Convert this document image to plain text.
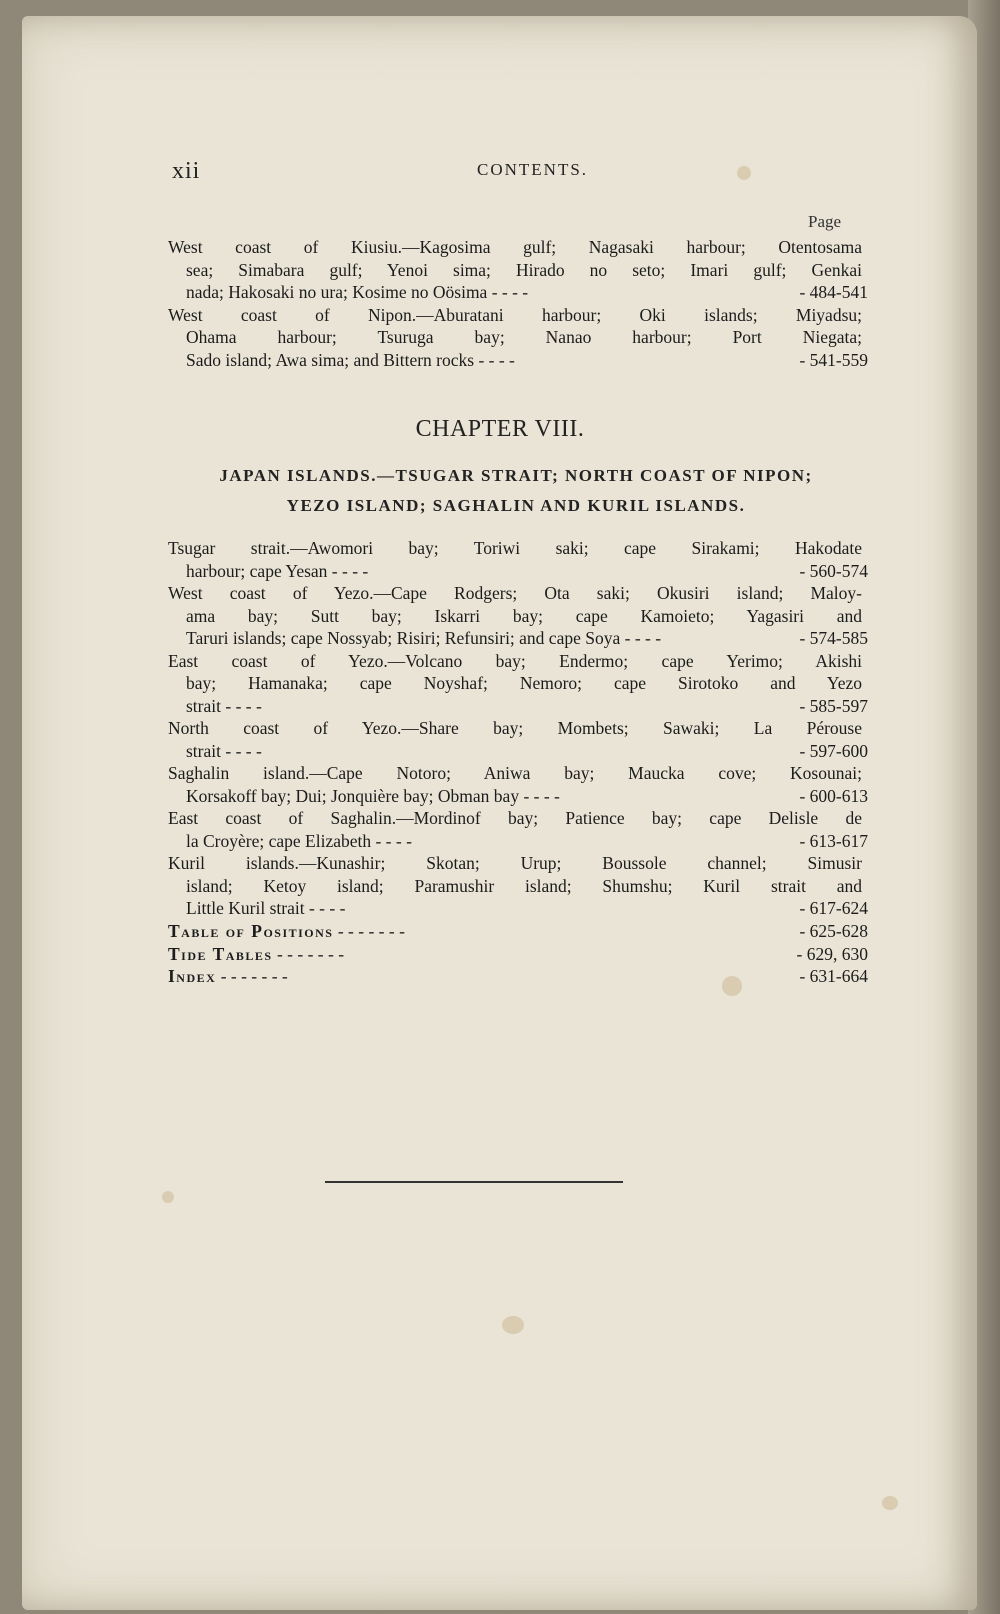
xii	CONTENTS.
Page
West coast of Kiusiu.—Kagosima gulf; Nagasaki harbour; Otentosama
sea; Simabara gulf; Yenoi sima; Hirado no seto; Imari gulf; Genkai
nada; Hakosaki no ura; Kosime no Oösima - - - -	- 484-541
West coast of Nipon.—Aburatani harbour; Oki islands; Miyadsu;
Ohama harbour; Tsuruga bay; Nanao harbour; Port Niegata;
Sado island; Awa sima; and Bittern rocks - - - -	- 541-559
CHAPTER VIII.
JAPAN ISLANDS.—TSUGAR STRAIT; NORTH COAST OF NIPON;
YEZO ISLAND; SAGHALIN AND KURIL ISLANDS.
Tsugar strait.—Awomori bay; Toriwi saki; cape Sirakami; Hakodate
harbour; cape Yesan - - - -	- 560-574
West coast of Yezo.—Cape Rodgers; Ota saki; Okusiri island; Maloy-
ama bay; Sutt bay; Iskarri bay; cape Kamoieto; Yagasiri and
Taruri islands; cape Nossyab; Risiri; Refunsiri; and cape Soya - - - -	- 574-585
East coast of Yezo.—Volcano bay; Endermo; cape Yerimo; Akishi
bay; Hamanaka; cape Noyshaf; Nemoro; cape Sirotoko and Yezo
strait - - - -	- 585-597
North coast of Yezo.—Share bay; Mombets; Sawaki; La Pérouse
strait - - - -	- 597-600
Saghalin island.—Cape Notoro; Aniwa bay; Maucka cove; Kosounai;
Korsakoff bay; Dui; Jonquière bay; Obman bay - - - -	- 600-613
East coast of Saghalin.—Mordinof bay; Patience bay; cape Delisle de
la Croyère; cape Elizabeth - - - -	- 613-617
Kuril islands.—Kunashir; Skotan; Urup; Boussole channel; Simusir
island; Ketoy island; Paramushir island; Shumshu; Kuril strait and
Little Kuril strait - - - -	- 617-624
Table of Positions - - - - - - -	- 625-628
Tide Tables - - - - - - -	- 629, 630
Index - - - - - - -	- 631-664
